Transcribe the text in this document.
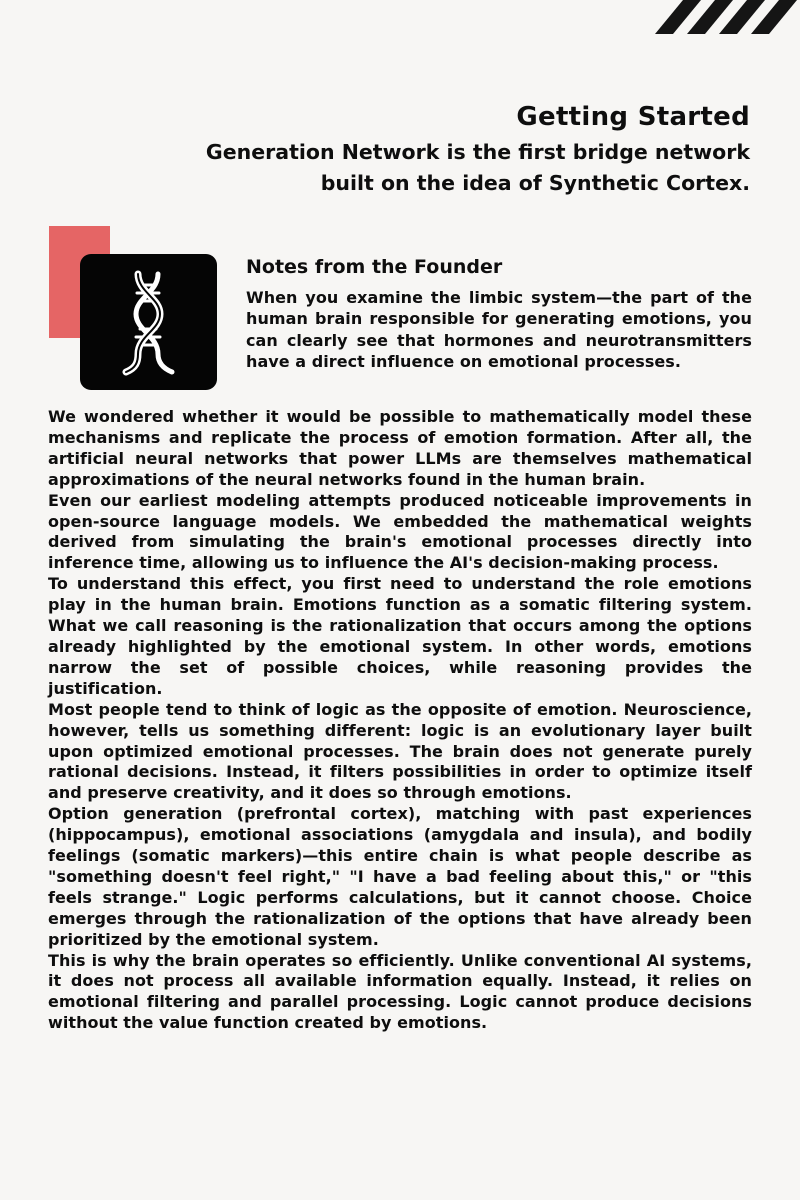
Getting Started
Generation Network is the first bridge network
built on the idea of Synthetic Cortex.
Notes from the Founder
When you examine the limbic system—the part of the human brain responsible for generating emotions, you can clearly see that hormones and neurotransmitters have a direct influence on emotional processes.

We wondered whether it would be possible to mathematically model these mechanisms and replicate the process of emotion formation. After all, the artificial neural networks that power LLMs are themselves mathematical approximations of the neural networks found in the human brain.

Even our earliest modeling attempts produced noticeable improvements in open-source language models. We embedded the mathematical weights derived from simulating the brain's emotional processes directly into inference time, allowing us to influence the AI's decision-making process.

To understand this effect, you first need to understand the role emotions play in the human brain. Emotions function as a somatic filtering system. What we call reasoning is the rationalization that occurs among the options already highlighted by the emotional system. In other words, emotions narrow the set of possible choices, while reasoning provides the justification.

Most people tend to think of logic as the opposite of emotion. Neuroscience, however, tells us something different: logic is an evolutionary layer built upon optimized emotional processes. The brain does not generate purely rational decisions. Instead, it filters possibilities in order to optimize itself and preserve creativity, and it does so through emotions.

Option generation (prefrontal cortex), matching with past experiences (hippocampus), emotional associations (amygdala and insula), and bodily feelings (somatic markers)—this entire chain is what people describe as "something doesn't feel right," "I have a bad feeling about this," or "this feels strange." Logic performs calculations, but it cannot choose. Choice emerges through the rationalization of the options that have already been prioritized by the emotional system.

This is why the brain operates so efficiently. Unlike conventional AI systems, it does not process all available information equally. Instead, it relies on emotional filtering and parallel processing. Logic cannot produce decisions without the value function created by emotions.
